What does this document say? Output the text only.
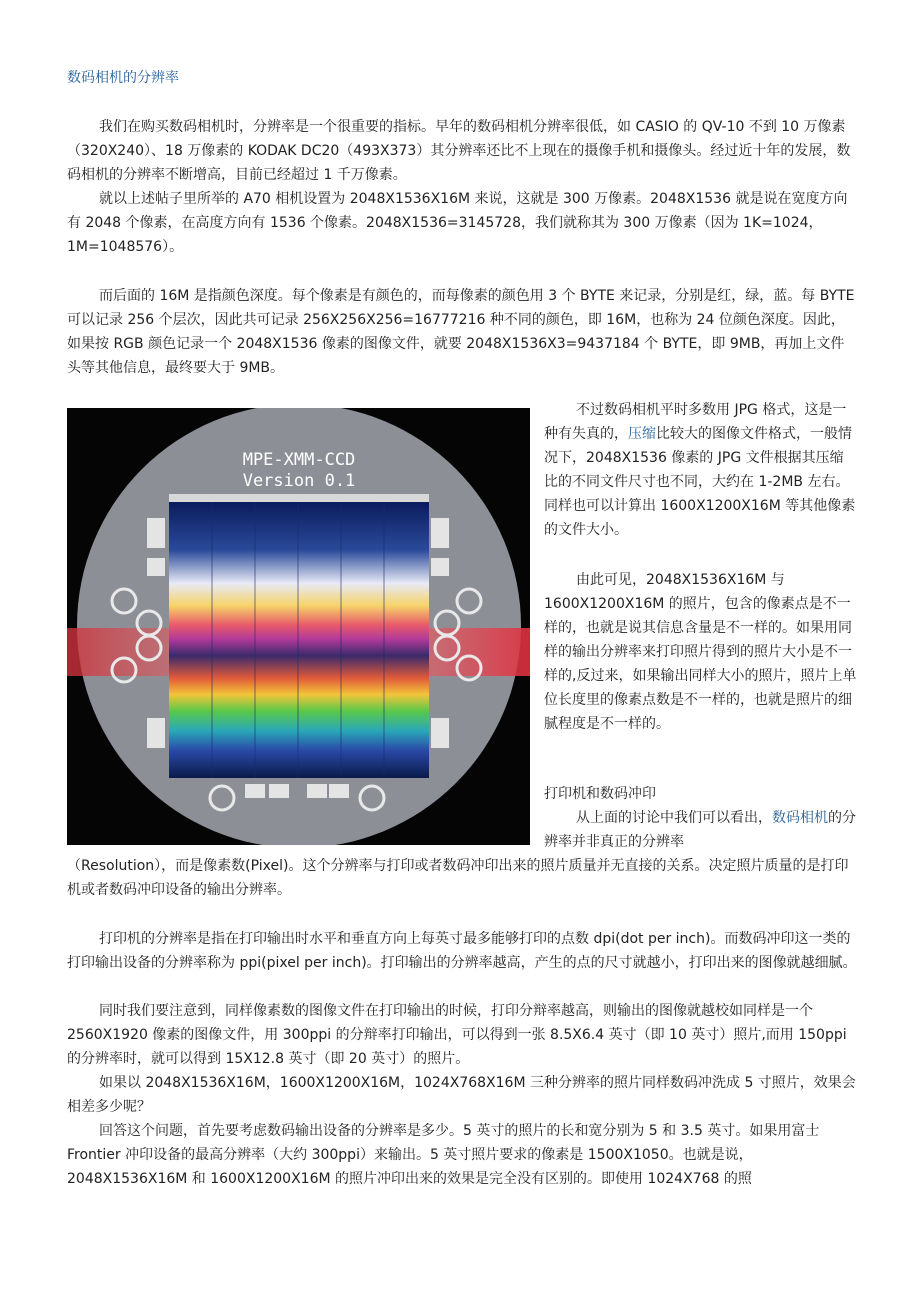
数码相机的分辨率

我们在购买数码相机时，分辨率是一个很重要的指标。早年的数码相机分辨率很低，如 CASIO 的 QV-10 不到 10 万像素（320X240）、18 万像素的 KODAK DC20（493X373）其分辨率还比不上现在的摄像手机和摄像头。经过近十年的发展，数码相机的分辨率不断增高，目前已经超过 1 千万像素。

就以上述帖子里所举的 A70 相机设置为 2048X1536X16M 来说，这就是 300 万像素。2048X1536 就是说在宽度方向有 2048 个像素，在高度方向有 1536 个像素。2048X1536=3145728，我们就称其为 300 万像素（因为 1K=1024，1M=1048576）。

而后面的 16M 是指颜色深度。每个像素是有颜色的，而每像素的颜色用 3 个 BYTE 来记录，分别是红，绿，蓝。每 BYTE 可以记录 256 个层次，因此共可记录 256X256X256=16777216 种不同的颜色，即 16M，也称为 24 位颜色深度。因此，如果按 RGB 颜色记录一个 2048X1536 像素的图像文件，就要 2048X1536X3=9437184 个 BYTE，即 9MB，再加上文件头等其他信息，最终要大于 9MB。

MPE-XMM-CCD
Version 0.1

不过数码相机平时多数用 JPG 格式，这是一种有失真的，压缩比较大的图像文件格式，一般情况下，2048X1536 像素的 JPG 文件根据其压缩比的不同文件尺寸也不同，大约在 1-2MB 左右。同样也可以计算出 1600X1200X16M 等其他像素的文件大小。

由此可见，2048X1536X16M 与 1600X1200X16M 的照片，包含的像素点是不一样的，也就是说其信息含量是不一样的。如果用同样的输出分辨率来打印照片得到的照片大小是不一样的,反过来，如果输出同样大小的照片，照片上单位长度里的像素点数是不一样的，也就是照片的细腻程度是不一样的。

打印机和数码冲印

从上面的讨论中我们可以看出，数码相机的分辨率并非真正的分辨率

（Resolution），而是像素数(Pixel)。这个分辨率与打印或者数码冲印出来的照片质量并无直接的关系。决定照片质量的是打印机或者数码冲印设备的输出分辨率。

打印机的分辨率是指在打印输出时水平和垂直方向上每英寸最多能够打印的点数 dpi(dot per inch)。而数码冲印这一类的打印输出设备的分辨率称为 ppi(pixel per inch)。打印输出的分辨率越高，产生的点的尺寸就越小，打印出来的图像就越细腻。

同时我们要注意到，同样像素数的图像文件在打印输出的时候，打印分辩率越高，则输出的图像就越校如同样是一个 2560X1920 像素的图像文件，用 300ppi 的分辩率打印输出，可以得到一张 8.5X6.4 英寸（即 10 英寸）照片,而用 150ppi 的分辨率时，就可以得到 15X12.8 英寸（即 20 英寸）的照片。

如果以 2048X1536X16M，1600X1200X16M，1024X768X16M 三种分辨率的照片同样数码冲洗成 5 寸照片，效果会相差多少呢？

回答这个问题，首先要考虑数码输出设备的分辨率是多少。5 英寸的照片的长和宽分别为 5 和 3.5 英寸。如果用富士 Frontier 冲印设备的最高分辨率（大约 300ppi）来输出。5 英寸照片要求的像素是 1500X1050。也就是说，2048X1536X16M 和 1600X1200X16M 的照片冲印出来的效果是完全没有区别的。即使用 1024X768 的照
